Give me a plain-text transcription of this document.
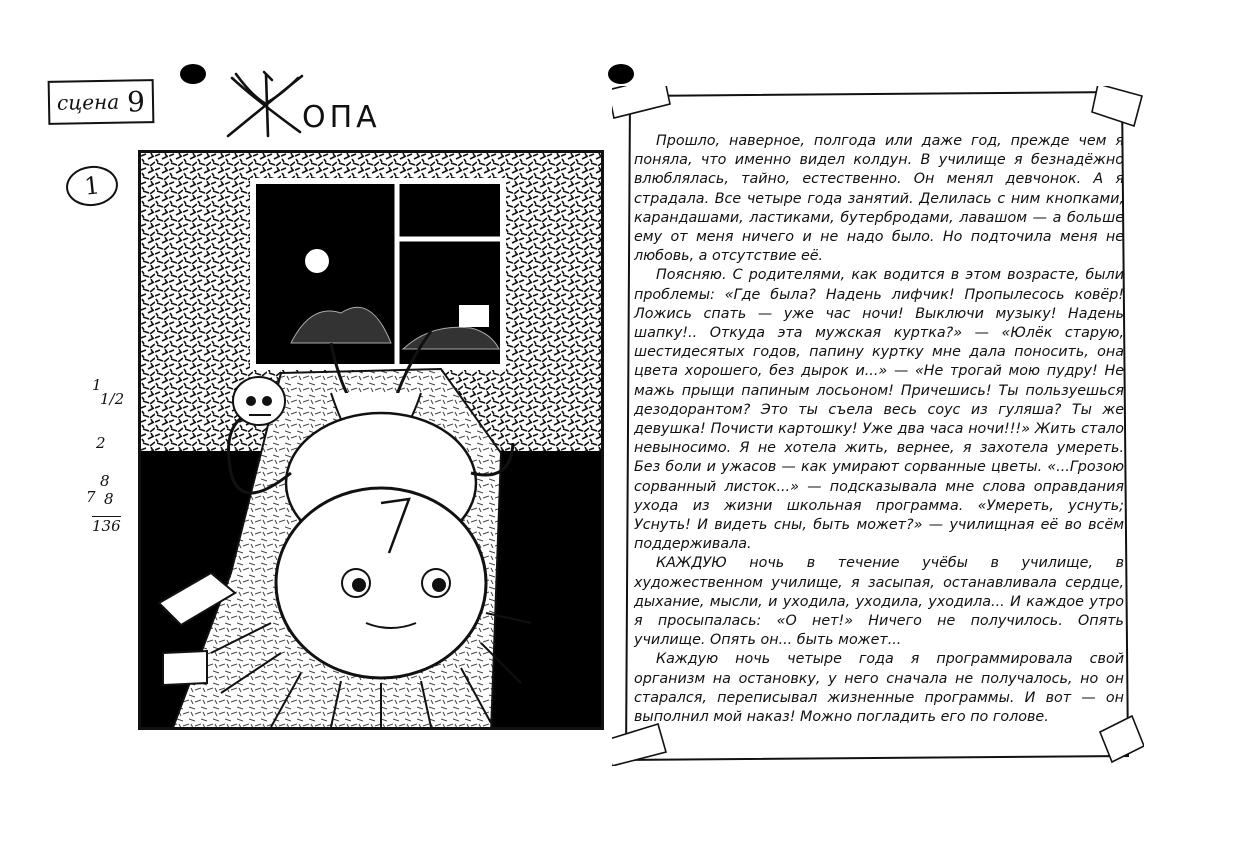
сцена 9	ОПА
1
1
1/2
2
8
7 8
136

Прошло, наверное, полгода или даже год, прежде чем я поняла, что именно видел колдун. В училище я безнадёжно влюблялась, тайно, естественно. Он менял девчонок. А я страдала. Все четыре года занятий. Делилась с ним кнопками, карандашами, ластиками, бутербродами, лавашом — а больше ему от меня ничего и не надо было. Но подточила меня не любовь, а отсутствие её.

Поясняю. С родителями, как водится в этом возрасте, были проблемы: «Где была? Надень лифчик! Пропылесось ковёр! Ложись спать — уже час ночи! Выключи музыку! Надень шапку!.. Откуда эта мужская куртка?» — «Юлёк старую, шестидесятых годов, папину куртку мне дала поносить, она цвета хорошего, без дырок и...» — «Не трогай мою пудру! Не мажь прыщи папиным лосьоном! Причешись! Ты пользуешься дезодорантом? Это ты съела весь соус из гуляша? Ты же девушка! Почисти картошку! Уже два часа ночи!!!» Жить стало невыносимо. Я не хотела жить, вернее, я захотела умереть. Без боли и ужасов — как умирают сорванные цветы. «...Грозою сорванный листок...» — подсказывала мне слова оправдания ухода из жизни школьная программа. «Умереть, уснуть; Уснуть! И видеть сны, быть может?» — училищная её во всём поддерживала.

КАЖДУЮ ночь в течение учёбы в училище, в художественном училище, я засыпая, останавливала сердце, дыхание, мысли, и уходила, уходила, уходила... И каждое утро я просыпалась: «О нет!» Ничего не получилось. Опять училище. Опять он... быть может...

Каждую ночь четыре года я программировала свой организм на остановку, у него сначала не получалось, но он старался, переписывал жизненные программы. И вот — он выполнил мой наказ! Можно погладить его по голове.
